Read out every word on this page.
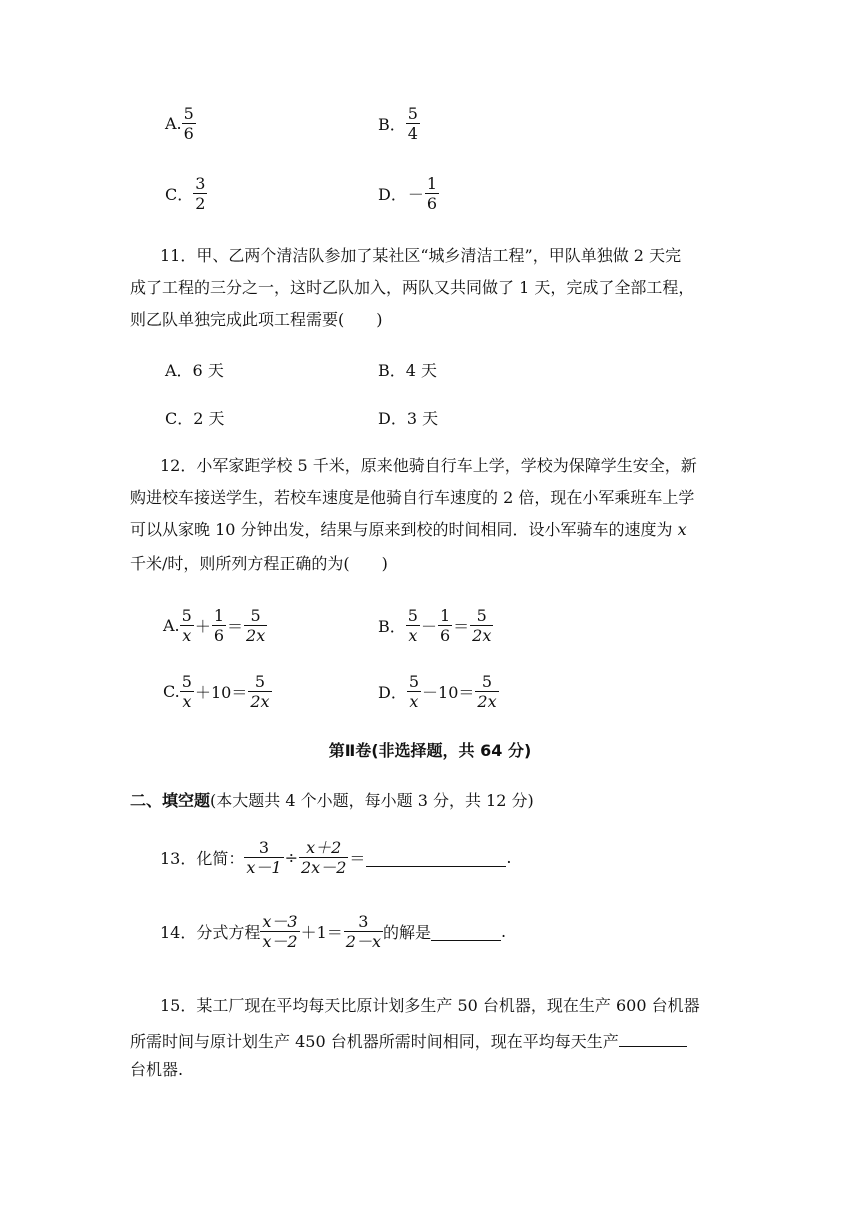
A. $\frac{5}{6}$	B． $\frac{5}{4}$
C． $\frac{3}{2}$	D． － $\frac{1}{6}$
11．甲、乙两个清洁队参加了某社区“城乡清洁工程”，甲队单独做 2 天完
成了工程的三分之一，这时乙队加入，两队又共同做了 1 天，完成了全部工程，
则乙队单独完成此项工程需要(　　)
A．6 天	B．4 天
C．2 天	D．3 天
12．小军家距学校 5 千米，原来他骑自行车上学，学校为保障学生安全，新
购进校车接送学生，若校车速度是他骑自行车速度的 2 倍，现在小军乘班车上学
可以从家晚 10 分钟出发，结果与原来到校的时间相同．设小军骑车的速度为 x
千米/时，则所列方程正确的为(　　)
A. $\frac{5}{x} + \frac{1}{6} = \frac{5}{2x}$	B． $\frac{5}{x} - \frac{1}{6} = \frac{5}{2x}$
C. $\frac{5}{x} +10= \frac{5}{2x}$	D． $\frac{5}{x} -10= \frac{5}{2x}$
第Ⅱ卷(非选择题，共 64 分)
二、填空题(本大题共 4 个小题，每小题 3 分，共 12 分)
13．化简： $\frac{3}{x-1} \div \frac{x+2}{2x-2}$ ＝	.
14．分式方程 $\frac{x-3}{x-2} +1= \frac{3}{2-x}$ 的解是	.
15．某工厂现在平均每天比原计划多生产 50 台机器，现在生产 600 台机器
所需时间与原计划生产 450 台机器所需时间相同，现在平均每天生产
台机器.
